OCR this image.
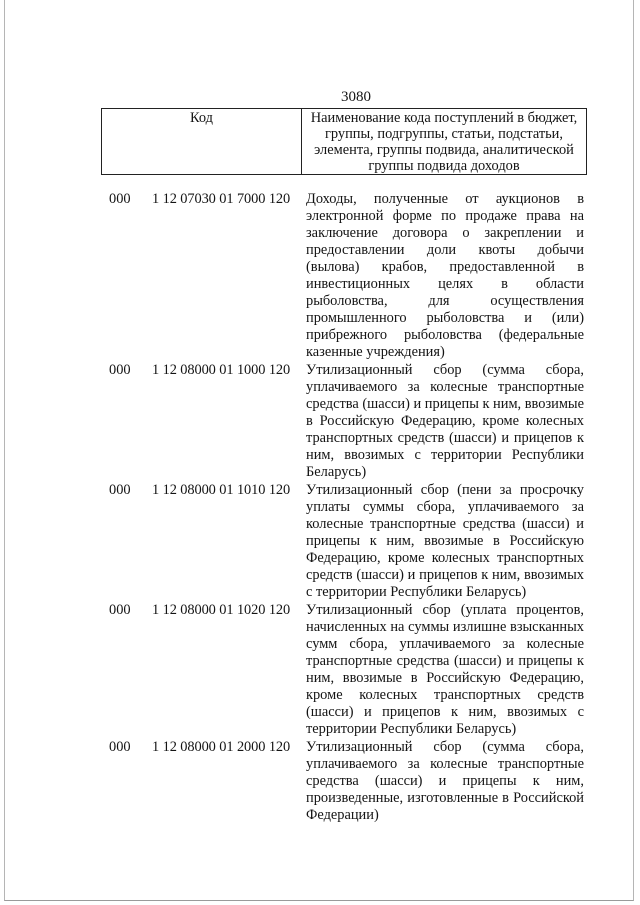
3080
Код	Наименование кода поступлений в бюджет, группы, подгруппы, статьи, подстатьи, элемента, группы подвида, аналитической группы подвида доходов
000 1 12 07030 01 7000 120 Доходы, полученные от аукционов в электронной форме по продаже права на заключение договора о закреплении и предоставлении доли квоты добычи (вылова) крабов, предоставленной в инвестиционных целях в области рыболовства, для осуществления промышленного рыболовства и (или) прибрежного рыболовства (федеральные казенные учреждения)
000 1 12 08000 01 1000 120 Утилизационный сбор (сумма сбора, уплачиваемого за колесные транспортные средства (шасси) и прицепы к ним, ввозимые в Российскую Федерацию, кроме колесных транспортных средств (шасси) и прицепов к ним, ввозимых с территории Республики Беларусь)
000 1 12 08000 01 1010 120 Утилизационный сбор (пени за просрочку уплаты суммы сбора, уплачиваемого за колесные транспортные средства (шасси) и прицепы к ним, ввозимые в Российскую Федерацию, кроме колесных транспортных средств (шасси) и прицепов к ним, ввозимых с территории Республики Беларусь)
000 1 12 08000 01 1020 120 Утилизационный сбор (уплата процентов, начисленных на суммы излишне взысканных сумм сбора, уплачиваемого за колесные транспортные средства (шасси) и прицепы к ним, ввозимые в Российскую Федерацию, кроме колесных транспортных средств (шасси) и прицепов к ним, ввозимых с территории Республики Беларусь)
000 1 12 08000 01 2000 120 Утилизационный сбор (сумма сбора, уплачиваемого за колесные транспортные средства (шасси) и прицепы к ним, произведенные, изготовленные в Российской Федерации)
